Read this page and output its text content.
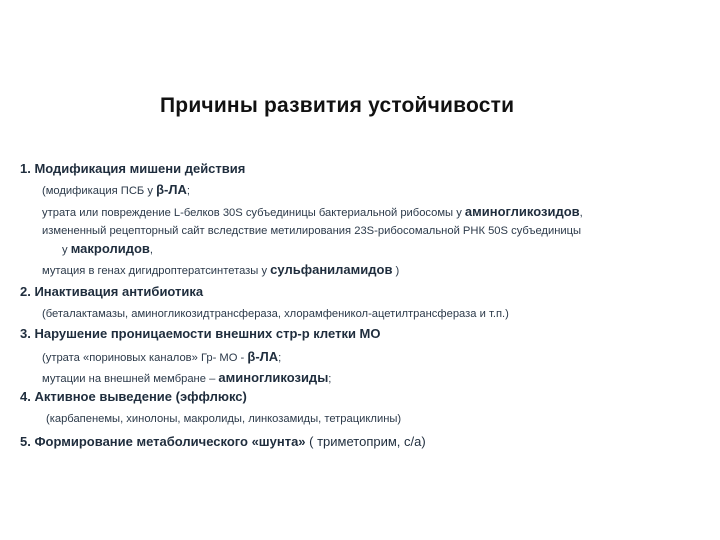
Причины развития устойчивости
1. Модификация мишени действия
(модификация ПСБ у β-ЛА;
утрата или повреждение L-белков 30S субъединицы бактериальной рибосомы у аминогликозидов,
измененный рецепторный сайт вследствие метилирования 23S-рибосомальной РНК 50S субъединицы
у макролидов,
мутация в генах дигидроптератсинтетазы у сульфаниламидов )
2. Инактивация антибиотика
(беталактамазы, аминогликозидтрансфераза, хлорамфеникол-ацетилтрансфераза и т.п.)
3. Нарушение проницаемости внешних стр-р клетки МО
(утрата «пориновых каналов» Гр- МО - β-ЛА;
мутации на внешней мембране – аминогликозиды;
4. Активное выведение (эффлюкс)
(карбапенемы, хинолоны, макролиды, линкозамиды, тетрациклины)
5. Формирование метаболического «шунта» ( триметоприм, с/а)
